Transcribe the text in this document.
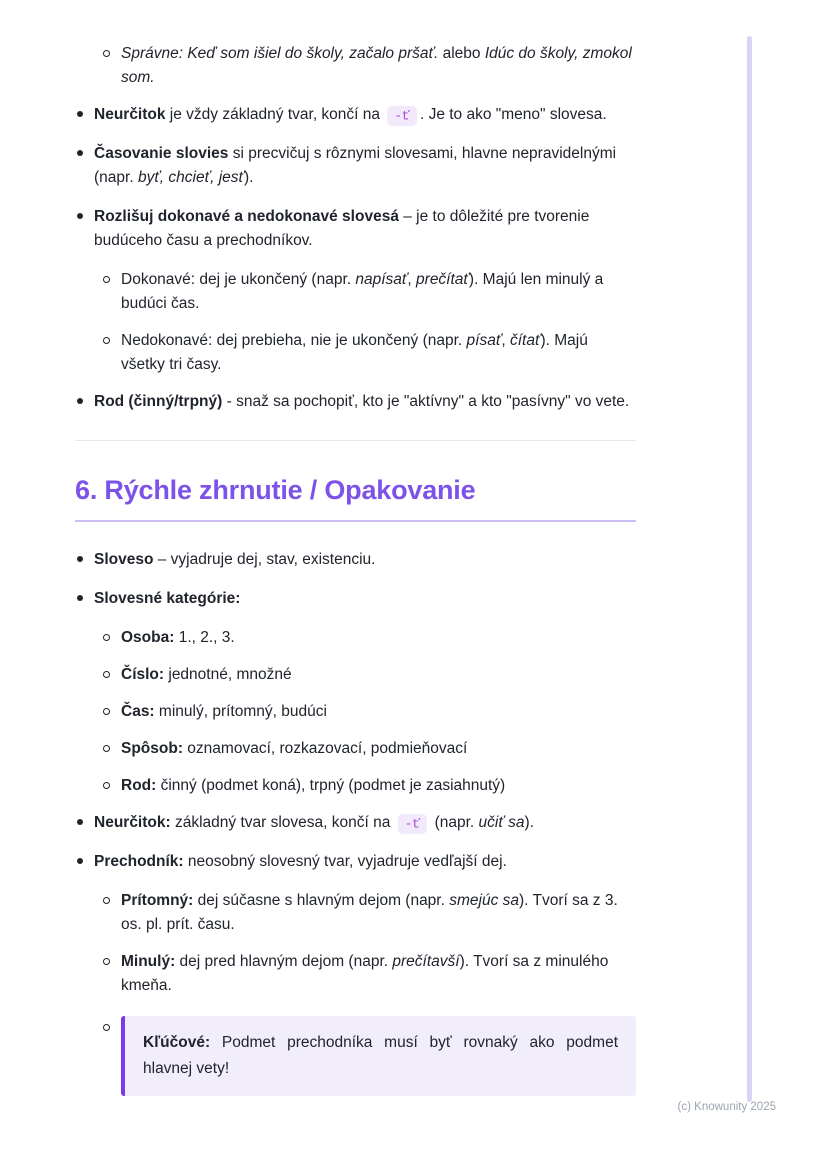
Správne: Keď som išiel do školy, začalo pršať. alebo Idúc do školy, zmokol som.
Neurčitok je vždy základný tvar, končí na -ť . Je to ako "meno" slovesa.
Časovanie slovies si precvičuj s rôznymi slovesami, hlavne nepravidelnými (napr. byť, chcieť, jesť).
Rozlišuj dokonavé a nedokonavé slovesá – je to dôležité pre tvorenie budúceho času a prechodníkov.
Dokonavé: dej je ukončený (napr. napísať, prečítať). Majú len minulý a budúci čas.
Nedokonavé: dej prebieha, nie je ukončený (napr. písať, čítať). Majú všetky tri časy.
Rod (činný/trpný) - snaž sa pochopiť, kto je "aktívny" a kto "pasívny" vo vete.
6. Rýchle zhrnutie / Opakovanie
Sloveso – vyjadruje dej, stav, existenciu.
Slovesné kategórie:
Osoba: 1., 2., 3.
Číslo: jednotné, množné
Čas: minulý, prítomný, budúci
Spôsob: oznamovací, rozkazovací, podmieňovací
Rod: činný (podmet koná), trpný (podmet je zasiahnutý)
Neurčitok: základný tvar slovesa, končí na -ť (napr. učiť sa).
Prechodník: neosobný slovesný tvar, vyjadruje vedľajší dej.
Prítomný: dej súčasne s hlavným dejom (napr. smejúc sa). Tvorí sa z 3. os. pl. prít. času.
Minulý: dej pred hlavným dejom (napr. prečítavší). Tvorí sa z minulého kmeňa.
Kľúčové: Podmet prechodníka musí byť rovnaký ako podmet hlavnej vety!
(c) Knowunity 2025
